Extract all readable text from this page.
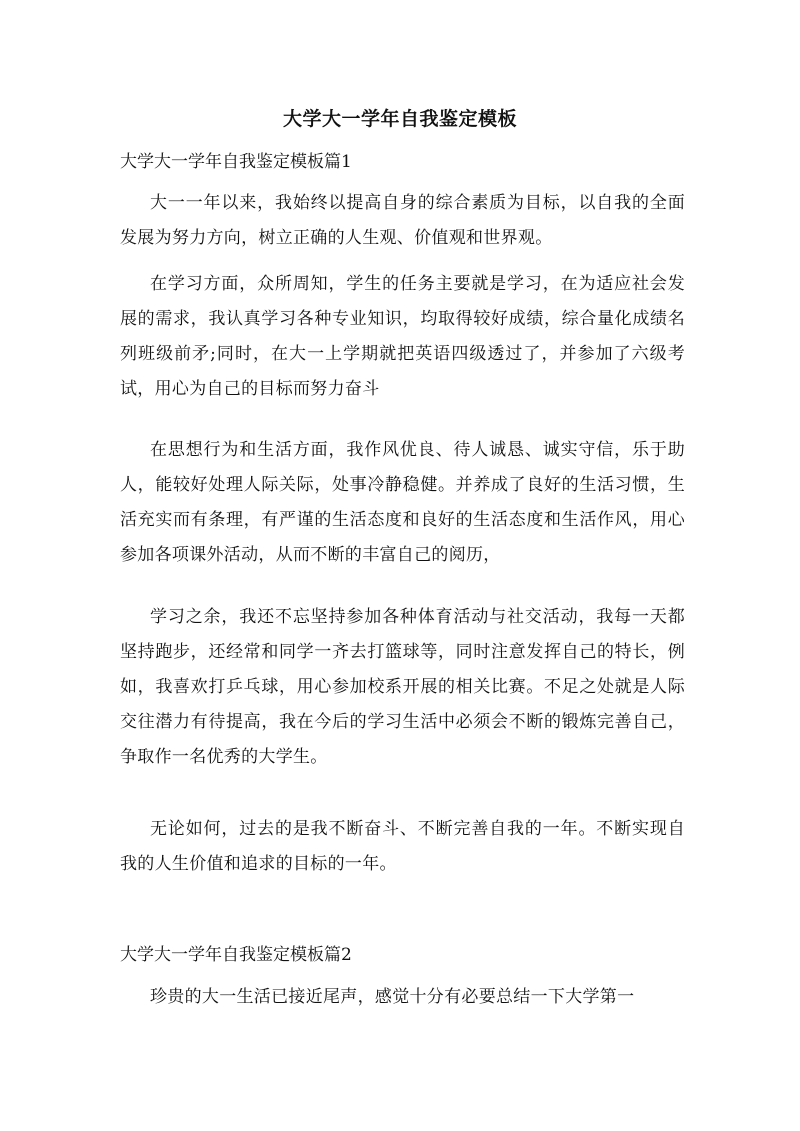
大学大一学年自我鉴定模板
大学大一学年自我鉴定模板篇1
大一一年以来，我始终以提高自身的综合素质为目标，以自我的全面发展为努力方向，树立正确的人生观、价值观和世界观。
在学习方面，众所周知，学生的任务主要就是学习，在为适应社会发展的需求，我认真学习各种专业知识，均取得较好成绩，综合量化成绩名列班级前矛;同时，在大一上学期就把英语四级透过了，并参加了六级考试，用心为自己的目标而努力奋斗
在思想行为和生活方面，我作风优良、待人诚恳、诚实守信，乐于助人，能较好处理人际关际，处事冷静稳健。并养成了良好的生活习惯，生活充实而有条理，有严谨的生活态度和良好的生活态度和生活作风，用心参加各项课外活动，从而不断的丰富自己的阅历，
学习之余，我还不忘坚持参加各种体育活动与社交活动，我每一天都坚持跑步，还经常和同学一齐去打篮球等，同时注意发挥自己的特长，例如，我喜欢打乒乓球，用心参加校系开展的相关比赛。不足之处就是人际交往潜力有待提高，我在今后的学习生活中必须会不断的锻炼完善自己，争取作一名优秀的大学生。
无论如何，过去的是我不断奋斗、不断完善自我的一年。不断实现自我的人生价值和追求的目标的一年。
大学大一学年自我鉴定模板篇2
珍贵的大一生活已接近尾声，感觉十分有必要总结一下大学第一
